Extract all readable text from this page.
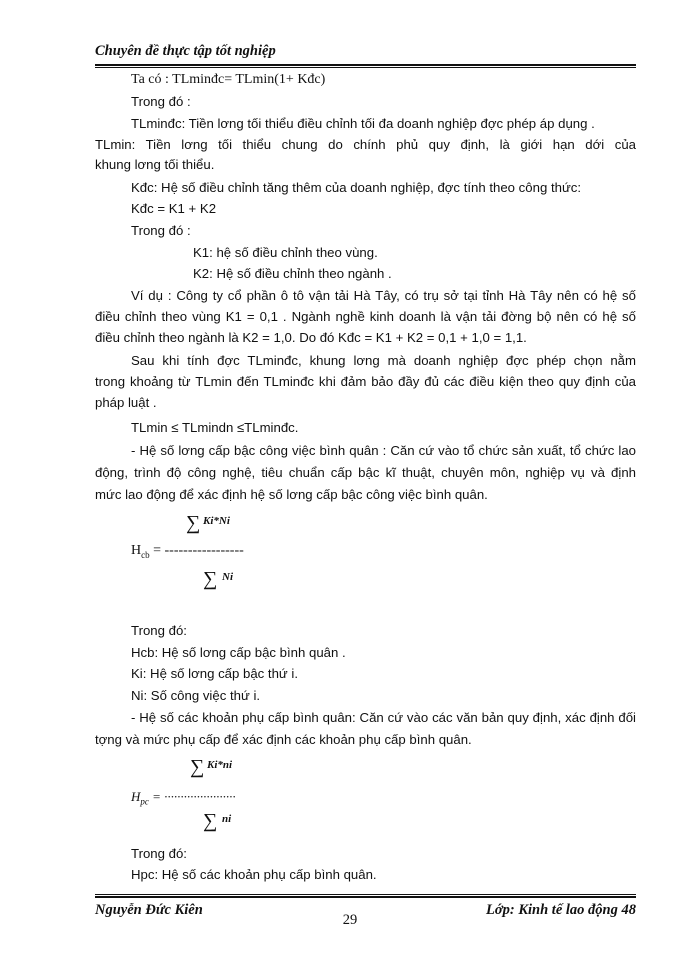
Chuyên đề thực tập tốt nghiệp
Ta có : TLminđc= TLmin(1+ Kđc)
Trong đó :
TLminđc: Tiền lơng tối thiểu điều chỉnh tối đa doanh nghiệp đợc phép áp dụng .
TLmin: Tiền lơng tối thiểu chung do chính phủ quy định, là giới hạn dới của
khung lơng tối thiểu.
Kđc: Hệ số điều chỉnh tăng thêm của doanh nghiệp, đợc tính theo công thức:
Kđc = K1 + K2
Trong đó :
K1: hệ số điều chỉnh theo vùng.
K2: Hệ số điều chỉnh theo ngành .
Ví dụ : Công ty cổ phần ô tô vận tải Hà Tây, có trụ sở tại tỉnh Hà Tây nên có hệ số
điều chỉnh theo vùng K1 = 0,1 . Ngành nghề kinh doanh là vận tải đờng bộ nên có hệ số
điều chỉnh theo ngành là K2 = 1,0. Do đó Kđc = K1 + K2 = 0,1 + 1,0 = 1,1.
Sau khi tính đợc TLminđc, khung lơng mà doanh nghiệp đợc phép chọn nằm
trong khoảng từ TLmin đến TLminđc khi đảm bảo đầy đủ các điều kiện theo quy định của
pháp luật .
TLmin ≤ TLmindn ≤TLminđc.
- Hệ số lơng cấp bậc công việc bình quân : Căn cứ vào tổ chức sản xuất, tổ chức lao
động, trình độ công nghệ, tiêu chuẩn cấp bậc kĩ thuật, chuyên môn, nghiệp vụ và định
mức lao động để xác định hệ số lơng cấp bậc công việc bình quân.
∑ Ki*Ni
$H_{cb}$ = -----------------
∑ Ni
Trong đó:
Hcb: Hệ số lơng cấp bậc bình quân .
Ki: Hệ số lơng cấp bậc thứ i.
Ni: Số công việc thứ i.
- Hệ số các khoản phụ cấp bình quân: Căn cứ vào các văn bản quy định, xác định đối
tợng và mức phụ cấp để xác định các khoản phụ cấp bình quân.
∑ Ki*ni
$H_{pc}$ = ······················
∑ ni
Trong đó:
Hpc: Hệ số các khoản phụ cấp bình quân.
Nguyễn Đức Kiên
29
Lớp: Kinh tế lao động 48
